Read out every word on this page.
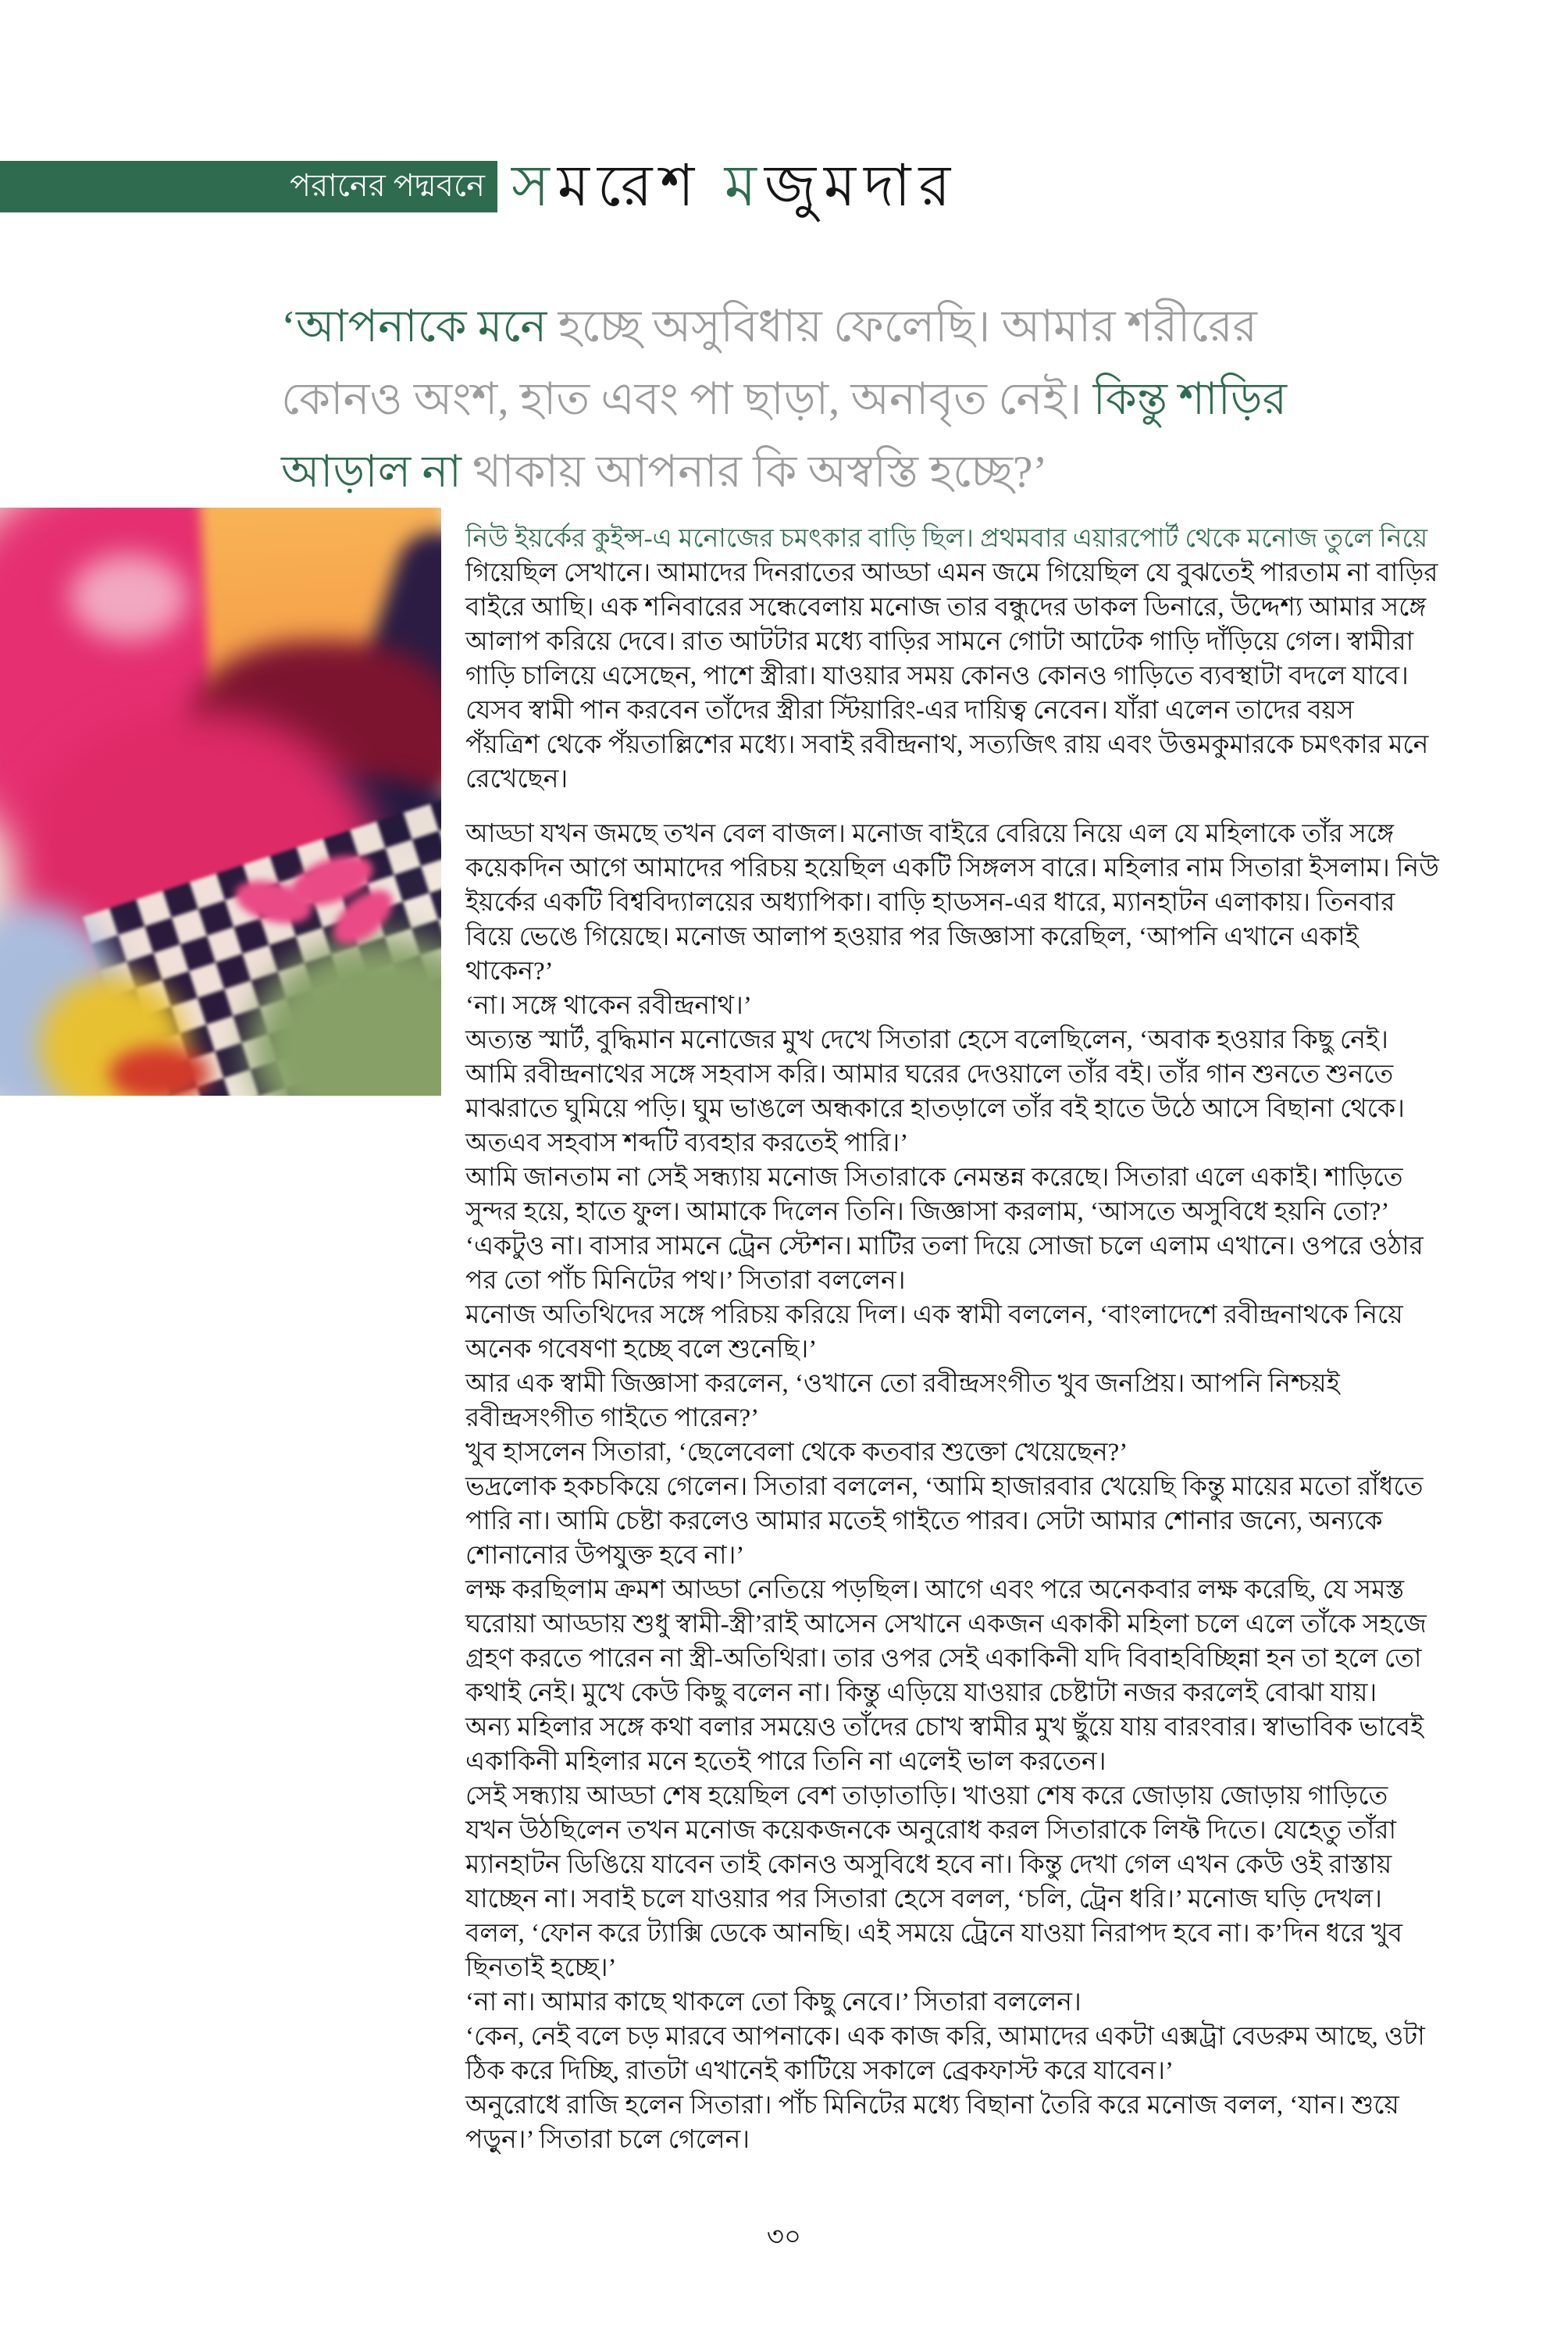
পরানের পদ্মবনে সমরেশ মজুমদার
‘আপনাকে মনে হচ্ছে অসুবিধায় ফেলেছি। আমার শরীরের
কোনও অংশ, হাত এবং পা ছাড়া, অনাবৃত নেই। কিন্তু শাড়ির
আড়াল না থাকায় আপনার কি অস্বস্তি হচ্ছে?’
নিউ ইয়র্কের কুইন্স-এ মনোজের চমৎকার বাড়ি ছিল। প্রথমবার এয়ারপোর্ট থেকে মনোজ তুলে নিয়ে
গিয়েছিল সেখানে। আমাদের দিনরাতের আড্ডা এমন জমে গিয়েছিল যে বুঝতেই পারতাম না বাড়ির
বাইরে আছি। এক শনিবারের সন্ধেবেলায় মনোজ তার বন্ধুদের ডাকল ডিনারে, উদ্দেশ্য আমার সঙ্গে
আলাপ করিয়ে দেবে। রাত আটটার মধ্যে বাড়ির সামনে গোটা আটেক গাড়ি দাঁড়িয়ে গেল। স্বামীরা
গাড়ি চালিয়ে এসেছেন, পাশে স্ত্রীরা। যাওয়ার সময় কোনও কোনও গাড়িতে ব্যবস্থাটা বদলে যাবে।
যেসব স্বামী পান করবেন তাঁদের স্ত্রীরা স্টিয়ারিং-এর দায়িত্ব নেবেন। যাঁরা এলেন তাদের বয়স
পঁয়ত্রিশ থেকে পঁয়তাল্লিশের মধ্যে। সবাই রবীন্দ্রনাথ, সত্যজিৎ রায় এবং উত্তমকুমারকে চমৎকার মনে
রেখেছেন।
আড্ডা যখন জমছে তখন বেল বাজল। মনোজ বাইরে বেরিয়ে নিয়ে এল যে মহিলাকে তাঁর সঙ্গে
কয়েকদিন আগে আমাদের পরিচয় হয়েছিল একটি সিঙ্গলস বারে। মহিলার নাম সিতারা ইসলাম। নিউ
ইয়র্কের একটি বিশ্ববিদ্যালয়ের অধ্যাপিকা। বাড়ি হাডসন-এর ধারে, ম্যানহাটন এলাকায়। তিনবার
বিয়ে ভেঙে গিয়েছে। মনোজ আলাপ হওয়ার পর জিজ্ঞাসা করেছিল, ‘আপনি এখানে একাই
থাকেন?’
‘না। সঙ্গে থাকেন রবীন্দ্রনাথ।’
অত্যন্ত স্মার্ট, বুদ্ধিমান মনোজের মুখ দেখে সিতারা হেসে বলেছিলেন, ‘অবাক হওয়ার কিছু নেই।
আমি রবীন্দ্রনাথের সঙ্গে সহবাস করি। আমার ঘরের দেওয়ালে তাঁর বই। তাঁর গান শুনতে শুনতে
মাঝরাতে ঘুমিয়ে পড়ি। ঘুম ভাঙলে অন্ধকারে হাতড়ালে তাঁর বই হাতে উঠে আসে বিছানা থেকে।
অতএব সহবাস শব্দটি ব্যবহার করতেই পারি।’
আমি জানতাম না সেই সন্ধ্যায় মনোজ সিতারাকে নেমন্তন্ন করেছে। সিতারা এলে একাই। শাড়িতে
সুন্দর হয়ে, হাতে ফুল। আমাকে দিলেন তিনি। জিজ্ঞাসা করলাম, ‘আসতে অসুবিধে হয়নি তো?’
‘একটুও না। বাসার সামনে ট্রেন স্টেশন। মাটির তলা দিয়ে সোজা চলে এলাম এখানে। ওপরে ওঠার
পর তো পাঁচ মিনিটের পথ।’ সিতারা বললেন।
মনোজ অতিথিদের সঙ্গে পরিচয় করিয়ে দিল। এক স্বামী বললেন, ‘বাংলাদেশে রবীন্দ্রনাথকে নিয়ে
অনেক গবেষণা হচ্ছে বলে শুনেছি।’
আর এক স্বামী জিজ্ঞাসা করলেন, ‘ওখানে তো রবীন্দ্রসংগীত খুব জনপ্রিয়। আপনি নিশ্চয়ই
রবীন্দ্রসংগীত গাইতে পারেন?’
খুব হাসলেন সিতারা, ‘ছেলেবেলা থেকে কতবার শুক্তো খেয়েছেন?’
ভদ্রলোক হকচকিয়ে গেলেন। সিতারা বললেন, ‘আমি হাজারবার খেয়েছি কিন্তু মায়ের মতো রাঁধতে
পারি না। আমি চেষ্টা করলেও আমার মতেই গাইতে পারব। সেটা আমার শোনার জন্যে, অন্যকে
শোনানোর উপযুক্ত হবে না।’
লক্ষ করছিলাম ক্রমশ আড্ডা নেতিয়ে পড়ছিল। আগে এবং পরে অনেকবার লক্ষ করেছি, যে সমস্ত
ঘরোয়া আড্ডায় শুধু স্বামী-স্ত্রী’রাই আসেন সেখানে একজন একাকী মহিলা চলে এলে তাঁকে সহজে
গ্রহণ করতে পারেন না স্ত্রী-অতিথিরা। তার ওপর সেই একাকিনী যদি বিবাহবিচ্ছিন্না হন তা হলে তো
কথাই নেই। মুখে কেউ কিছু বলেন না। কিন্তু এড়িয়ে যাওয়ার চেষ্টাটা নজর করলেই বোঝা যায়।
অন্য মহিলার সঙ্গে কথা বলার সময়েও তাঁদের চোখ স্বামীর মুখ ছুঁয়ে যায় বারংবার। স্বাভাবিক ভাবেই
একাকিনী মহিলার মনে হতেই পারে তিনি না এলেই ভাল করতেন।
সেই সন্ধ্যায় আড্ডা শেষ হয়েছিল বেশ তাড়াতাড়ি। খাওয়া শেষ করে জোড়ায় জোড়ায় গাড়িতে
যখন উঠছিলেন তখন মনোজ কয়েকজনকে অনুরোধ করল সিতারাকে লিফ্ট দিতে। যেহেতু তাঁরা
ম্যানহাটন ডিঙিয়ে যাবেন তাই কোনও অসুবিধে হবে না। কিন্তু দেখা গেল এখন কেউ ওই রাস্তায়
যাচ্ছেন না। সবাই চলে যাওয়ার পর সিতারা হেসে বলল, ‘চলি, ট্রেন ধরি।’ মনোজ ঘড়ি দেখল।
বলল, ‘ফোন করে ট্যাক্সি ডেকে আনছি। এই সময়ে ট্রেনে যাওয়া নিরাপদ হবে না। ক’দিন ধরে খুব
ছিনতাই হচ্ছে।’
‘না না। আমার কাছে থাকলে তো কিছু নেবে।’ সিতারা বললেন।
‘কেন, নেই বলে চড় মারবে আপনাকে। এক কাজ করি, আমাদের একটা এক্সট্রা বেডরুম আছে, ওটা
ঠিক করে দিচ্ছি, রাতটা এখানেই কাটিয়ে সকালে ব্রেকফাস্ট করে যাবেন।’
অনুরোধে রাজি হলেন সিতারা। পাঁচ মিনিটের মধ্যে বিছানা তৈরি করে মনোজ বলল, ‘যান। শুয়ে
পড়ুন।’ সিতারা চলে গেলেন।
৩০
